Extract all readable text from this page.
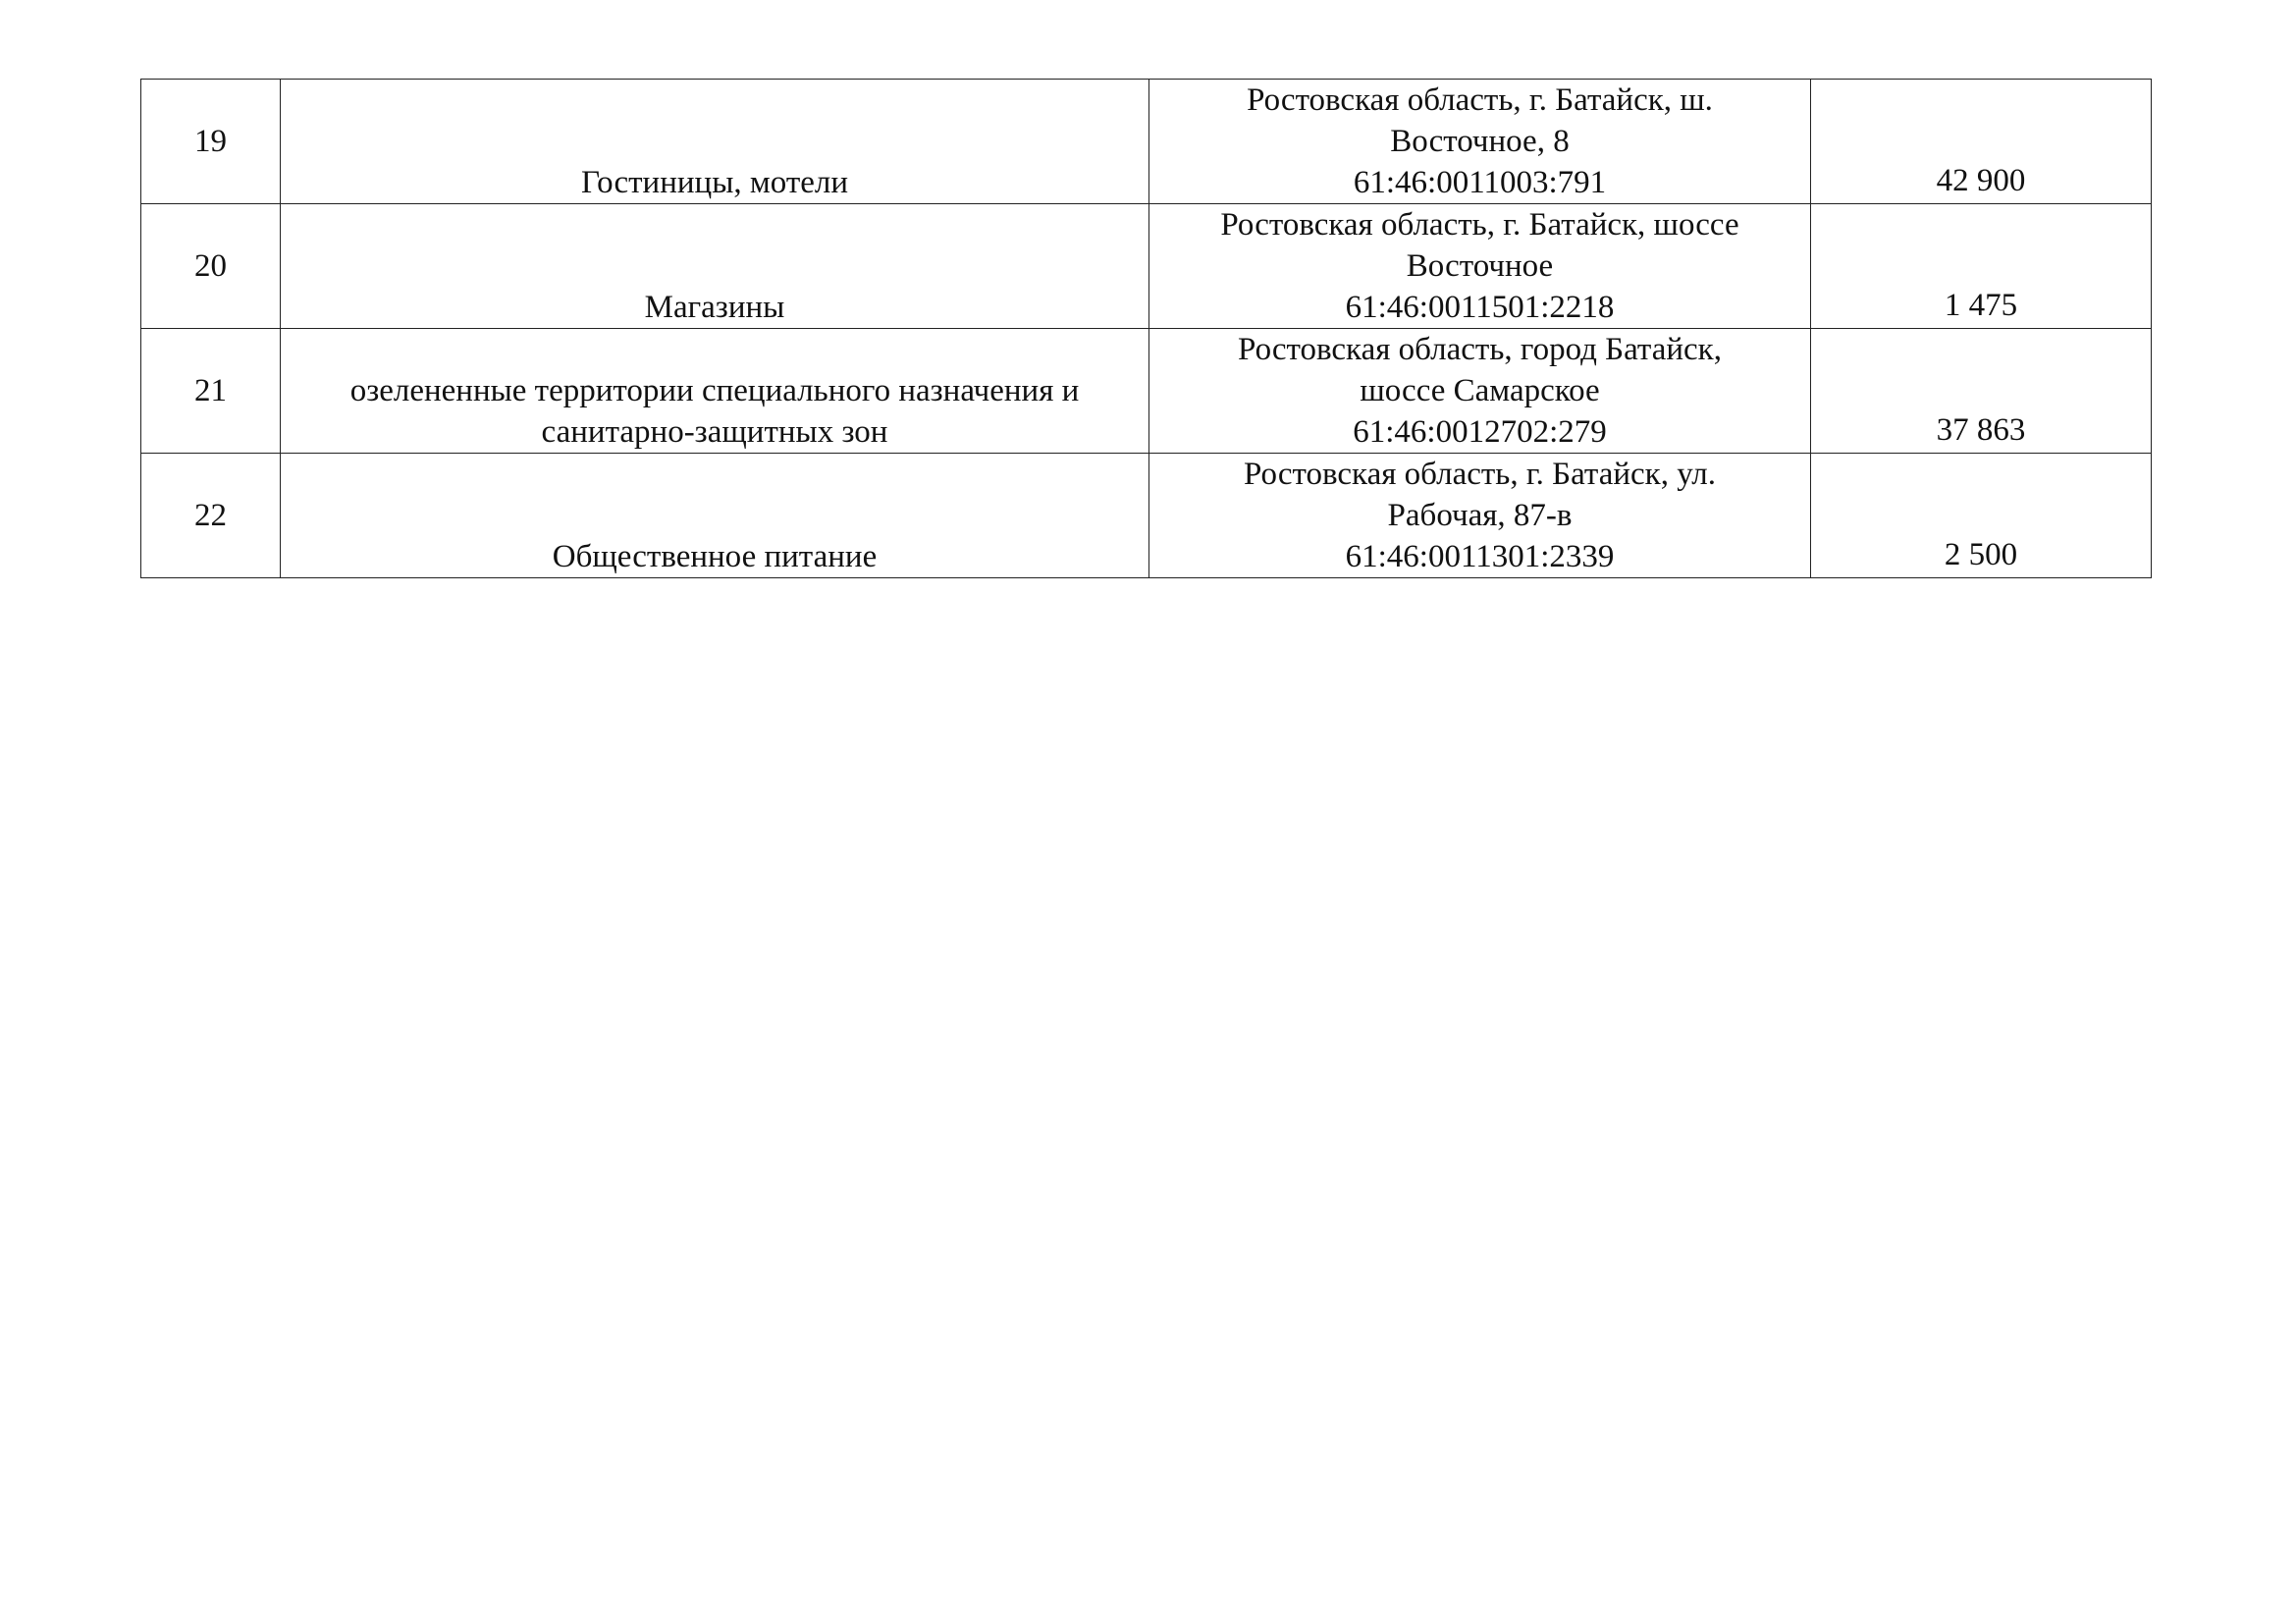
19	Гостиницы, мотели	Ростовская область, г. Батайск, ш.
Восточное, 8
61:46:0011003:791	42 900

20	Магазины	Ростовская область, г. Батайск, шоссе
Восточное
61:46:0011501:2218	1 475

21	озелененные территории специального назначения и санитарно-защитных зон	Ростовская область, город Батайск,
шоссе Самарское
61:46:0012702:279	37 863

22	Общественное питание	Ростовская область, г. Батайск, ул.
Рабочая, 87-в
61:46:0011301:2339	2 500
